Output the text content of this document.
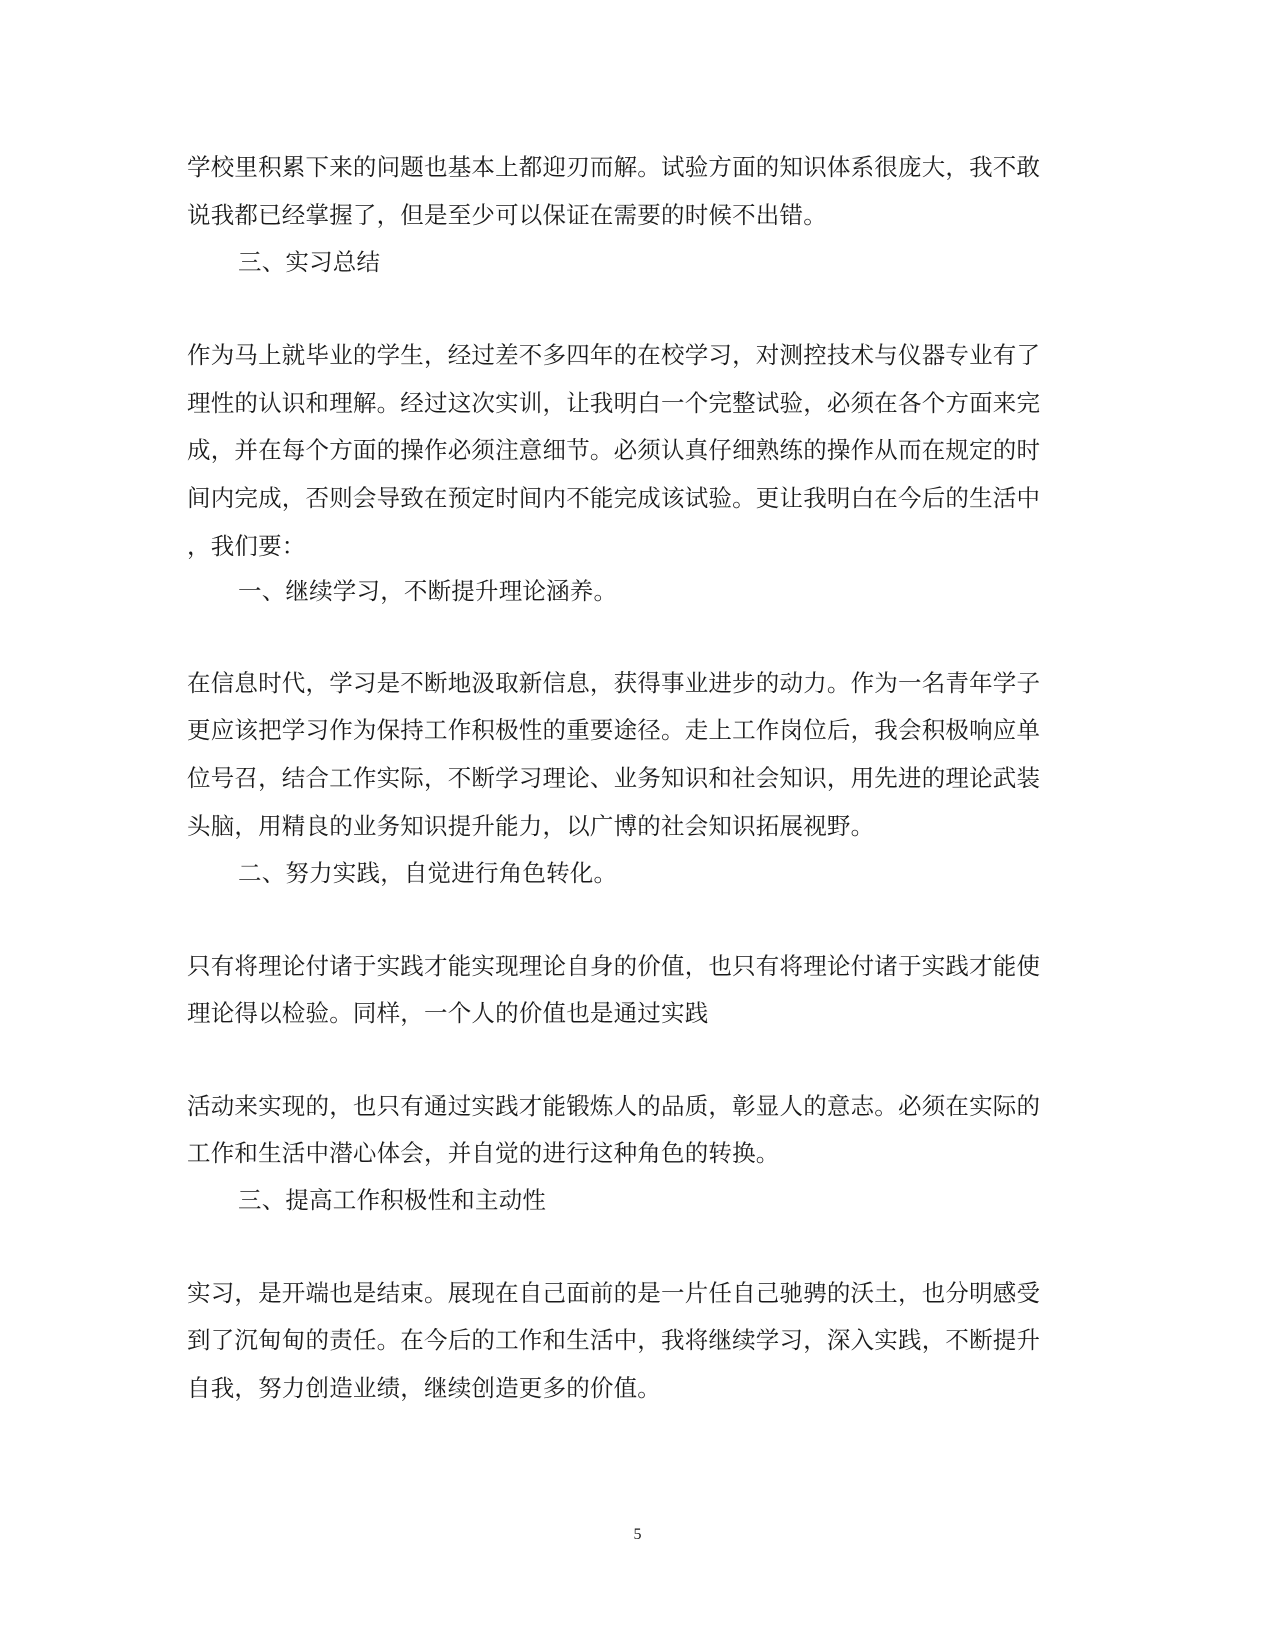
学校里积累下来的问题也基本上都迎刃而解。试验方面的知识体系很庞大，我不敢
说我都已经掌握了，但是至少可以保证在需要的时候不出错。
三、实习总结
作为马上就毕业的学生，经过差不多四年的在校学习，对测控技术与仪器专业有了
理性的认识和理解。经过这次实训，让我明白一个完整试验，必须在各个方面来完
成，并在每个方面的操作必须注意细节。必须认真仔细熟练的操作从而在规定的时
间内完成，否则会导致在预定时间内不能完成该试验。更让我明白在今后的生活中
，我们要：
一、继续学习，不断提升理论涵养。
在信息时代，学习是不断地汲取新信息，获得事业进步的动力。作为一名青年学子
更应该把学习作为保持工作积极性的重要途径。走上工作岗位后，我会积极响应单
位号召，结合工作实际，不断学习理论、业务知识和社会知识，用先进的理论武装
头脑，用精良的业务知识提升能力，以广博的社会知识拓展视野。
二、努力实践，自觉进行角色转化。
只有将理论付诸于实践才能实现理论自身的价值，也只有将理论付诸于实践才能使
理论得以检验。同样，一个人的价值也是通过实践
活动来实现的，也只有通过实践才能锻炼人的品质，彰显人的意志。必须在实际的
工作和生活中潜心体会，并自觉的进行这种角色的转换。
三、提高工作积极性和主动性
实习，是开端也是结束。展现在自己面前的是一片任自己驰骋的沃土，也分明感受
到了沉甸甸的责任。在今后的工作和生活中，我将继续学习，深入实践，不断提升
自我，努力创造业绩，继续创造更多的价值。
5
